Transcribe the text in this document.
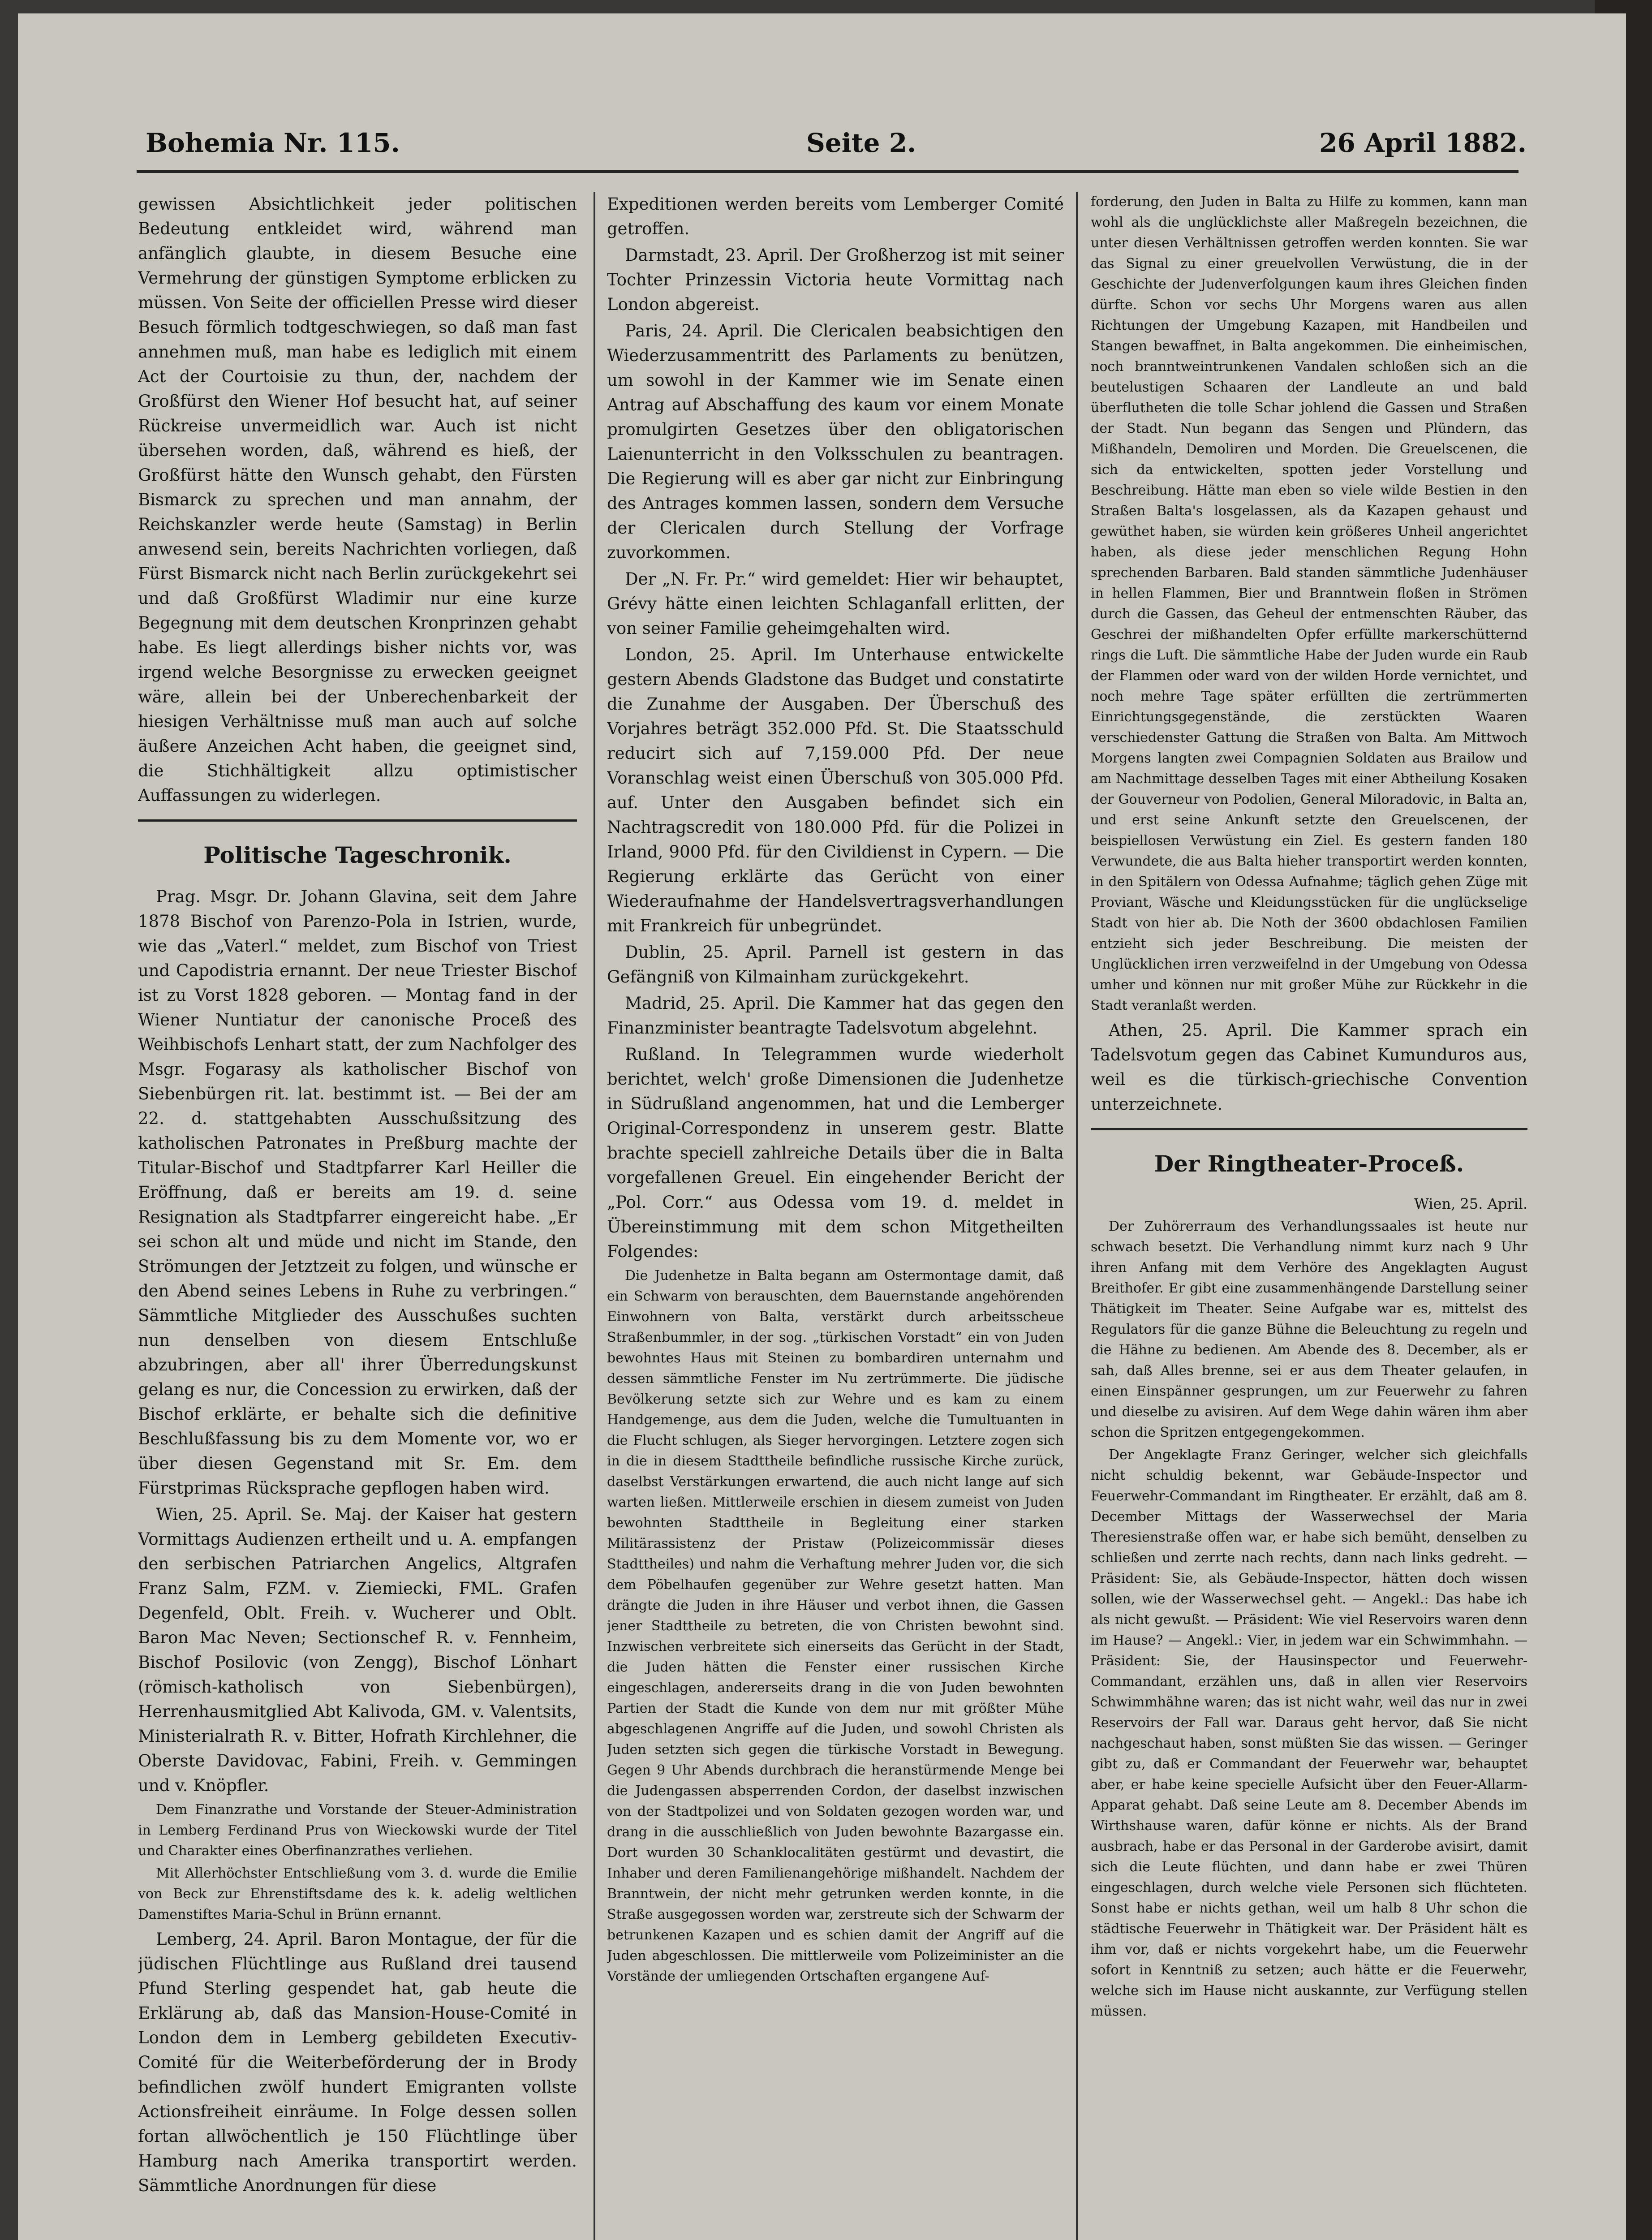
Bohemia Nr. 115.	Seite 2.	26 April 1882.

gewissen Absichtlichkeit jeder politischen Bedeutung entkleidet wird, während man anfänglich glaubte, in diesem Besuche eine Vermehrung der günstigen Symptome erblicken zu müssen. Von Seite der officiellen Presse wird dieser Besuch förmlich todtgeschwiegen, so daß man fast annehmen muß, man habe es lediglich mit einem Act der Courtoisie zu thun, der, nachdem der Großfürst den Wiener Hof besucht hat, auf seiner Rückreise unvermeidlich war. Auch ist nicht übersehen worden, daß, während es hieß, der Großfürst hätte den Wunsch gehabt, den Fürsten Bismarck zu sprechen und man annahm, der Reichskanzler werde heute (Samstag) in Berlin anwesend sein, bereits Nachrichten vorliegen, daß Fürst Bismarck nicht nach Berlin zurückgekehrt sei und daß Großfürst Wladimir nur eine kurze Begegnung mit dem deutschen Kronprinzen gehabt habe. Es liegt allerdings bisher nichts vor, was irgend welche Besorgnisse zu erwecken geeignet wäre, allein bei der Unberechenbarkeit der hiesigen Verhältnisse muß man auch auf solche äußere Anzeichen Acht haben, die geeignet sind, die Stichhältigkeit allzu optimistischer Auffassungen zu widerlegen.

Politische Tageschronik.

Prag. Msgr. Dr. Johann Glavina, seit dem Jahre 1878 Bischof von Parenzo-Pola in Istrien, wurde, wie das „Vaterl.“ meldet, zum Bischof von Triest und Capodistria ernannt. Der neue Triester Bischof ist zu Vorst 1828 geboren. — Montag fand in der Wiener Nuntiatur der canonische Proceß des Weihbischofs Lenhart statt, der zum Nachfolger des Msgr. Fogarasy als katholischer Bischof von Siebenbürgen rit. lat. bestimmt ist. — Bei der am 22. d. stattgehabten Ausschußsitzung des katholischen Patronates in Preßburg machte der Titular-Bischof und Stadtpfarrer Karl Heiller die Eröffnung, daß er bereits am 19. d. seine Resignation als Stadtpfarrer eingereicht habe. „Er sei schon alt und müde und nicht im Stande, den Strömungen der Jetztzeit zu folgen, und wünsche er den Abend seines Lebens in Ruhe zu verbringen.“ Sämmtliche Mitglieder des Ausschußes suchten nun denselben von diesem Entschluße abzubringen, aber all' ihrer Überredungskunst gelang es nur, die Concession zu erwirken, daß der Bischof erklärte, er behalte sich die definitive Beschlußfassung bis zu dem Momente vor, wo er über diesen Gegenstand mit Sr. Em. dem Fürstprimas Rücksprache gepflogen haben wird.

Wien, 25. April. Se. Maj. der Kaiser hat gestern Vormittags Audienzen ertheilt und u. A. empfangen den serbischen Patriarchen Angelics, Altgrafen Franz Salm, FZM. v. Ziemiecki, FML. Grafen Degenfeld, Oblt. Freih. v. Wucherer und Oblt. Baron Mac Neven; Sectionschef R. v. Fennheim, Bischof Posilovic (von Zengg), Bischof Lönhart (römisch-katholisch von Siebenbürgen), Herrenhausmitglied Abt Kalivoda, GM. v. Valentsits, Ministerialrath R. v. Bitter, Hofrath Kirchlehner, die Oberste Davidovac, Fabini, Freih. v. Gemmingen und v. Knöpfler.

Dem Finanzrathe und Vorstande der Steuer-Administration in Lemberg Ferdinand Prus von Wieckowski wurde der Titel und Charakter eines Oberfinanzrathes verliehen.

Mit Allerhöchster Entschließung vom 3. d. wurde die Emilie von Beck zur Ehrenstiftsdame des k. k. adelig weltlichen Damenstiftes Maria-Schul in Brünn ernannt.

Lemberg, 24. April. Baron Montague, der für die jüdischen Flüchtlinge aus Rußland drei tausend Pfund Sterling gespendet hat, gab heute die Erklärung ab, daß das Mansion-House-Comité in London dem in Lemberg gebildeten Executiv-Comité für die Weiterbeförderung der in Brody befindlichen zwölf hundert Emigranten vollste Actionsfreiheit einräume. In Folge dessen sollen fortan allwöchentlich je 150 Flüchtlinge über Hamburg nach Amerika transportirt werden. Sämmtliche Anordnungen für diese

Expeditionen werden bereits vom Lemberger Comité getroffen.

Darmstadt, 23. April. Der Großherzog ist mit seiner Tochter Prinzessin Victoria heute Vormittag nach London abgereist.

Paris, 24. April. Die Clericalen beabsichtigen den Wiederzusammentritt des Parlaments zu benützen, um sowohl in der Kammer wie im Senate einen Antrag auf Abschaffung des kaum vor einem Monate promulgirten Gesetzes über den obligatorischen Laienunterricht in den Volksschulen zu beantragen. Die Regierung will es aber gar nicht zur Einbringung des Antrages kommen lassen, sondern dem Versuche der Clericalen durch Stellung der Vorfrage zuvorkommen.

Der „N. Fr. Pr.“ wird gemeldet: Hier wir behauptet, Grévy hätte einen leichten Schlaganfall erlitten, der von seiner Familie geheimgehalten wird.

London, 25. April. Im Unterhause entwickelte gestern Abends Gladstone das Budget und constatirte die Zunahme der Ausgaben. Der Überschuß des Vorjahres beträgt 352.000 Pfd. St. Die Staatsschuld reducirt sich auf 7,159.000 Pfd. Der neue Voranschlag weist einen Überschuß von 305.000 Pfd. auf. Unter den Ausgaben befindet sich ein Nachtragscredit von 180.000 Pfd. für die Polizei in Irland, 9000 Pfd. für den Civildienst in Cypern. — Die Regierung erklärte das Gerücht von einer Wiederaufnahme der Handelsvertragsverhandlungen mit Frankreich für unbegründet.

Dublin, 25. April. Parnell ist gestern in das Gefängniß von Kilmainham zurückgekehrt.

Madrid, 25. April. Die Kammer hat das gegen den Finanzminister beantragte Tadelsvotum abgelehnt.

Rußland. In Telegrammen wurde wiederholt berichtet, welch' große Dimensionen die Judenhetze in Südrußland angenommen, hat und die Lemberger Original-Correspondenz in unserem gestr. Blatte brachte speciell zahlreiche Details über die in Balta vorgefallenen Greuel. Ein eingehender Bericht der „Pol. Corr.“ aus Odessa vom 19. d. meldet in Übereinstimmung mit dem schon Mitgetheilten Folgendes:

Die Judenhetze in Balta begann am Ostermontage damit, daß ein Schwarm von berauschten, dem Bauernstande angehörenden Einwohnern von Balta, verstärkt durch arbeitsscheue Straßenbummler, in der sog. „türkischen Vorstadt“ ein von Juden bewohntes Haus mit Steinen zu bombardiren unternahm und dessen sämmtliche Fenster im Nu zertrümmerte. Die jüdische Bevölkerung setzte sich zur Wehre und es kam zu einem Handgemenge, aus dem die Juden, welche die Tumultuanten in die Flucht schlugen, als Sieger hervorgingen. Letztere zogen sich in die in diesem Stadttheile befindliche russische Kirche zurück, daselbst Verstärkungen erwartend, die auch nicht lange auf sich warten ließen. Mittlerweile erschien in diesem zumeist von Juden bewohnten Stadttheile in Begleitung einer starken Militärassistenz der Pristaw (Polizeicommissär dieses Stadttheiles) und nahm die Verhaftung mehrer Juden vor, die sich dem Pöbelhaufen gegenüber zur Wehre gesetzt hatten. Man drängte die Juden in ihre Häuser und verbot ihnen, die Gassen jener Stadttheile zu betreten, die von Christen bewohnt sind. Inzwischen verbreitete sich einerseits das Gerücht in der Stadt, die Juden hätten die Fenster einer russischen Kirche eingeschlagen, andererseits drang in die von Juden bewohnten Partien der Stadt die Kunde von dem nur mit größter Mühe abgeschlagenen Angriffe auf die Juden, und sowohl Christen als Juden setzten sich gegen die türkische Vorstadt in Bewegung. Gegen 9 Uhr Abends durchbrach die heranstürmende Menge bei die Judengassen absperrenden Cordon, der daselbst inzwischen von der Stadtpolizei und von Soldaten gezogen worden war, und drang in die ausschließlich von Juden bewohnte Bazargasse ein. Dort wurden 30 Schanklocalitäten gestürmt und devastirt, die Inhaber und deren Familienangehörige mißhandelt. Nachdem der Branntwein, der nicht mehr getrunken werden konnte, in die Straße ausgegossen worden war, zerstreute sich der Schwarm der betrunkenen Kazapen und es schien damit der Angriff auf die Juden abgeschlossen. Die mittlerweile vom Polizeiminister an die Vorstände der umliegenden Ortschaften ergangene Auf-

forderung, den Juden in Balta zu Hilfe zu kommen, kann man wohl als die unglücklichste aller Maßregeln bezeichnen, die unter diesen Verhältnissen getroffen werden konnten. Sie war das Signal zu einer greuelvollen Verwüstung, die in der Geschichte der Judenverfolgungen kaum ihres Gleichen finden dürfte. Schon vor sechs Uhr Morgens waren aus allen Richtungen der Umgebung Kazapen, mit Handbeilen und Stangen bewaffnet, in Balta angekommen. Die einheimischen, noch branntweintrunkenen Vandalen schloßen sich an die beutelustigen Schaaren der Landleute an und bald überflutheten die tolle Schar johlend die Gassen und Straßen der Stadt. Nun begann das Sengen und Plündern, das Mißhandeln, Demoliren und Morden. Die Greuelscenen, die sich da entwickelten, spotten jeder Vorstellung und Beschreibung. Hätte man eben so viele wilde Bestien in den Straßen Balta's losgelassen, als da Kazapen gehaust und gewüthet haben, sie würden kein größeres Unheil angerichtet haben, als diese jeder menschlichen Regung Hohn sprechenden Barbaren. Bald standen sämmtliche Judenhäuser in hellen Flammen, Bier und Branntwein floßen in Strömen durch die Gassen, das Geheul der entmenschten Räuber, das Geschrei der mißhandelten Opfer erfüllte markerschütternd rings die Luft. Die sämmtliche Habe der Juden wurde ein Raub der Flammen oder ward von der wilden Horde vernichtet, und noch mehre Tage später erfüllten die zertrümmerten Einrichtungsgegenstände, die zerstückten Waaren verschiedenster Gattung die Straßen von Balta. Am Mittwoch Morgens langten zwei Compagnien Soldaten aus Brailow und am Nachmittage desselben Tages mit einer Abtheilung Kosaken der Gouverneur von Podolien, General Miloradovic, in Balta an, und erst seine Ankunft setzte den Greuelscenen, der beispiellosen Verwüstung ein Ziel. Es gestern fanden 180 Verwundete, die aus Balta hieher transportirt werden konnten, in den Spitälern von Odessa Aufnahme; täglich gehen Züge mit Proviant, Wäsche und Kleidungsstücken für die unglückselige Stadt von hier ab. Die Noth der 3600 obdachlosen Familien entzieht sich jeder Beschreibung. Die meisten der Unglücklichen irren verzweifelnd in der Umgebung von Odessa umher und können nur mit großer Mühe zur Rückkehr in die Stadt veranlaßt werden.

Athen, 25. April. Die Kammer sprach ein Tadelsvotum gegen das Cabinet Kumunduros aus, weil es die türkisch-griechische Convention unterzeichnete.

Der Ringtheater-Proceß.
Wien, 25. April.

Der Zuhörerraum des Verhandlungssaales ist heute nur schwach besetzt. Die Verhandlung nimmt kurz nach 9 Uhr ihren Anfang mit dem Verhöre des Angeklagten August Breithofer. Er gibt eine zusammenhängende Darstellung seiner Thätigkeit im Theater. Seine Aufgabe war es, mittelst des Regulators für die ganze Bühne die Beleuchtung zu regeln und die Hähne zu bedienen. Am Abende des 8. December, als er sah, daß Alles brenne, sei er aus dem Theater gelaufen, in einen Einspänner gesprungen, um zur Feuerwehr zu fahren und dieselbe zu avisiren. Auf dem Wege dahin wären ihm aber schon die Spritzen entgegengekommen.

Der Angeklagte Franz Geringer, welcher sich gleichfalls nicht schuldig bekennt, war Gebäude-Inspector und Feuerwehr-Commandant im Ringtheater. Er erzählt, daß am 8. December Mittags der Wasserwechsel der Maria Theresienstraße offen war, er habe sich bemüht, denselben zu schließen und zerrte nach rechts, dann nach links gedreht. — Präsident: Sie, als Gebäude-Inspector, hätten doch wissen sollen, wie der Wasserwechsel geht. — Angekl.: Das habe ich als nicht gewußt. — Präsident: Wie viel Reservoirs waren denn im Hause? — Angekl.: Vier, in jedem war ein Schwimmhahn. — Präsident: Sie, der Hausinspector und Feuerwehr-Commandant, erzählen uns, daß in allen vier Reservoirs Schwimmhähne waren; das ist nicht wahr, weil das nur in zwei Reservoirs der Fall war. Daraus geht hervor, daß Sie nicht nachgeschaut haben, sonst müßten Sie das wissen. — Geringer gibt zu, daß er Commandant der Feuerwehr war, behauptet aber, er habe keine specielle Aufsicht über den Feuer-Allarm-Apparat gehabt. Daß seine Leute am 8. December Abends im Wirthshause waren, dafür könne er nichts. Als der Brand ausbrach, habe er das Personal in der Garderobe avisirt, damit sich die Leute flüchten, und dann habe er zwei Thüren eingeschlagen, durch welche viele Personen sich flüchteten. Sonst habe er nichts gethan, weil um halb 8 Uhr schon die städtische Feuerwehr in Thätigkeit war. Der Präsident hält es ihm vor, daß er nichts vorgekehrt habe, um die Feuerwehr sofort in Kenntniß zu setzen; auch hätte er die Feuerwehr, welche sich im Hause nicht auskannte, zur Verfügung stellen müssen.
